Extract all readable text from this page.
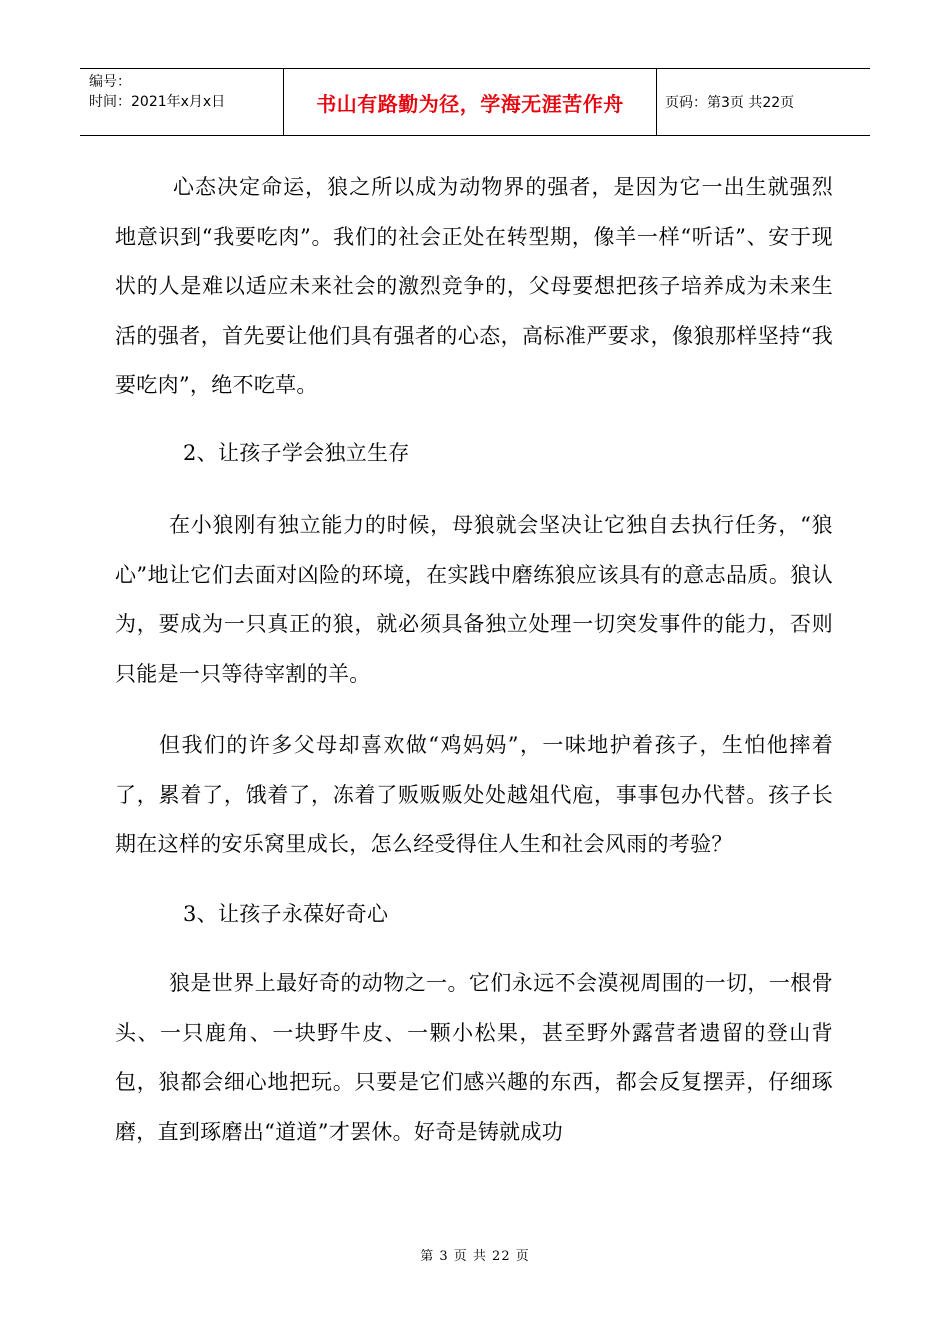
编号：
时间：2021年x月x日	书山有路勤为径，学海无涯苦作舟	页码：第3页 共22页

心态决定命运，狼之所以成为动物界的强者，是因为它一出生就强烈地意识到“我要吃肉”。我们的社会正处在转型期，像羊一样“听话”、安于现状的人是难以适应未来社会的激烈竞争的，父母要想把孩子培养成为未来生活的强者，首先要让他们具有强者的心态，高标准严要求，像狼那样坚持“我要吃肉”，绝不吃草。

2、让孩子学会独立生存

在小狼刚有独立能力的时候，母狼就会坚决让它独自去执行任务，“狼心”地让它们去面对凶险的环境，在实践中磨练狼应该具有的意志品质。狼认为，要成为一只真正的狼，就必须具备独立处理一切突发事件的能力，否则只能是一只等待宰割的羊。

但我们的许多父母却喜欢做“鸡妈妈”，一味地护着孩子，生怕他摔着了，累着了，饿着了，冻着了贩贩贩处处越俎代庖，事事包办代替。孩子长期在这样的安乐窝里成长，怎么经受得住人生和社会风雨的考验？

3、让孩子永葆好奇心

狼是世界上最好奇的动物之一。它们永远不会漠视周围的一切，一根骨头、一只鹿角、一块野牛皮、一颗小松果，甚至野外露营者遗留的登山背包，狼都会细心地把玩。只要是它们感兴趣的东西，都会反复摆弄，仔细琢磨，直到琢磨出“道道”才罢休。好奇是铸就成功

第 3 页 共 22 页
